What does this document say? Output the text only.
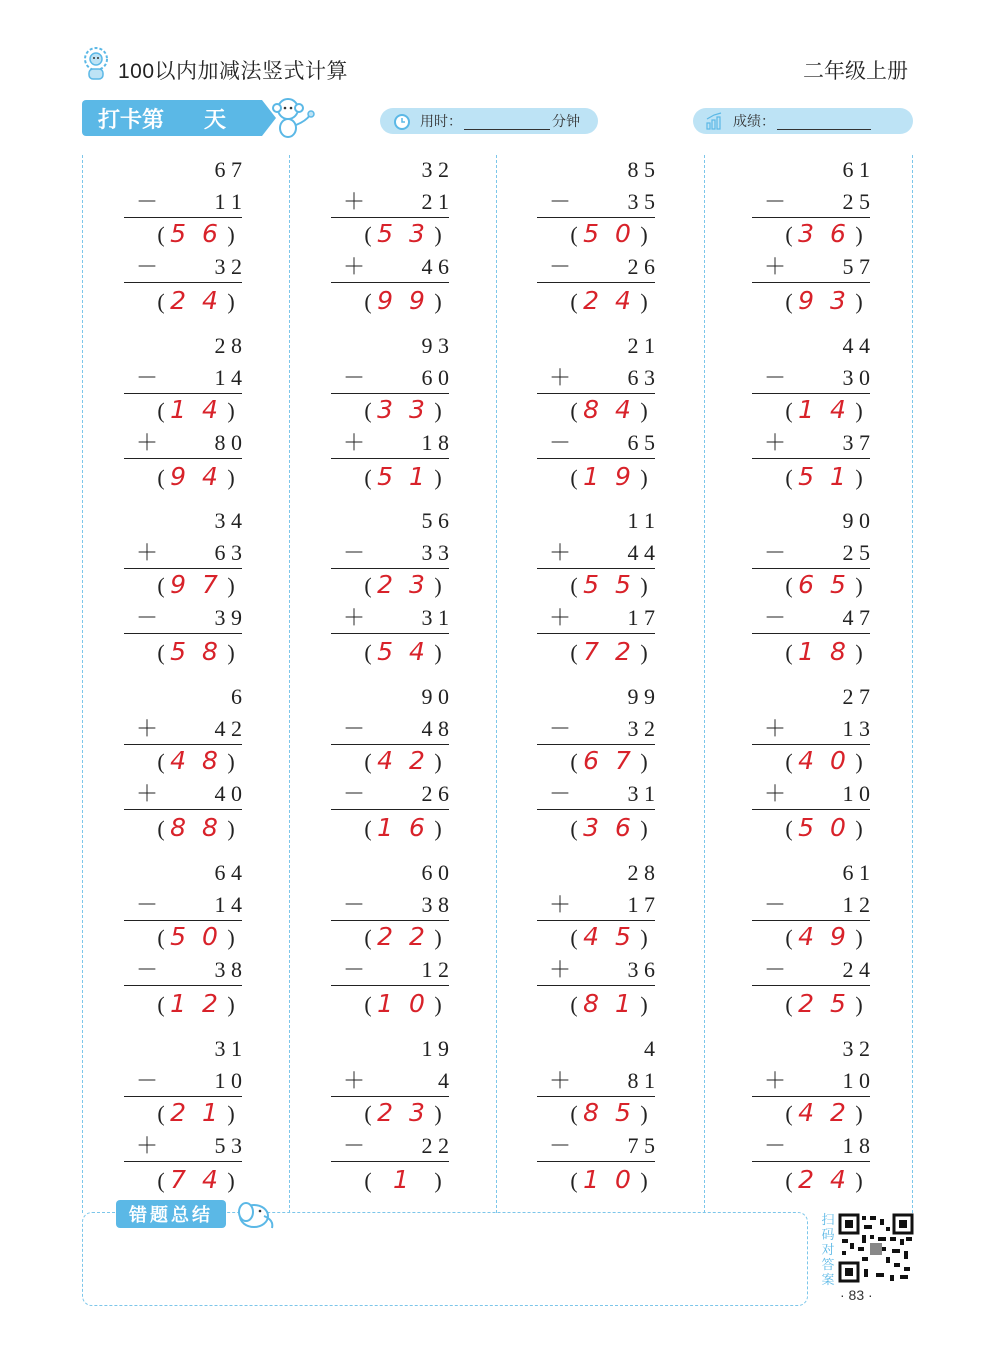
100以内加减法竖式计算	二年级上册
打卡第 天	用时：	分钟	成绩：
6 7
－	1 1
( 5 6 )
－	3 2
( 2 4 )
2 8
－	1 4
( 1 4 )
＋	8 0
( 9 4 )
3 4
＋	6 3
( 9 7 )
－	3 9
( 5 8 )
6
＋	4 2
( 4 8 )
＋	4 0
( 8 8 )
6 4
－	1 4
( 5 0 )
－	3 8
( 1 2 )
3 1
－	1 0
( 2 1 )
＋	5 3
( 7 4 )
3 2
＋	2 1
( 5 3 )
＋	4 6
( 9 9 )
9 3
－	6 0
( 3 3 )
＋	1 8
( 5 1 )
5 6
－	3 3
( 2 3 )
＋	3 1
( 5 4 )
9 0
－	4 8
( 4 2 )
－	2 6
( 1 6 )
6 0
－	3 8
( 2 2 )
－	1 2
( 1 0 )
1 9
＋	4
( 2 3 )
－	2 2
( 1 )
8 5
－	3 5
( 5 0 )
－	2 6
( 2 4 )
2 1
＋	6 3
( 8 4 )
－	6 5
( 1 9 )
1 1
＋	4 4
( 5 5 )
＋	1 7
( 7 2 )
9 9
－	3 2
( 6 7 )
－	3 1
( 3 6 )
2 8
＋	1 7
( 4 5 )
＋	3 6
( 8 1 )
4
＋	8 1
( 8 5 )
－	7 5
( 1 0 )
6 1
－	2 5
( 3 6 )
＋	5 7
( 9 3 )
4 4
－	3 0
( 1 4 )
＋	3 7
( 5 1 )
9 0
－	2 5
( 6 5 )
－	4 7
( 1 8 )
2 7
＋	1 3
( 4 0 )
＋	1 0
( 5 0 )
6 1
－	1 2
( 4 9 )
－	2 4
( 2 5 )
3 2
＋	1 0
( 4 2 )
－	1 8
( 2 4 )
错题总结	扫码对答案
· 83 ·
